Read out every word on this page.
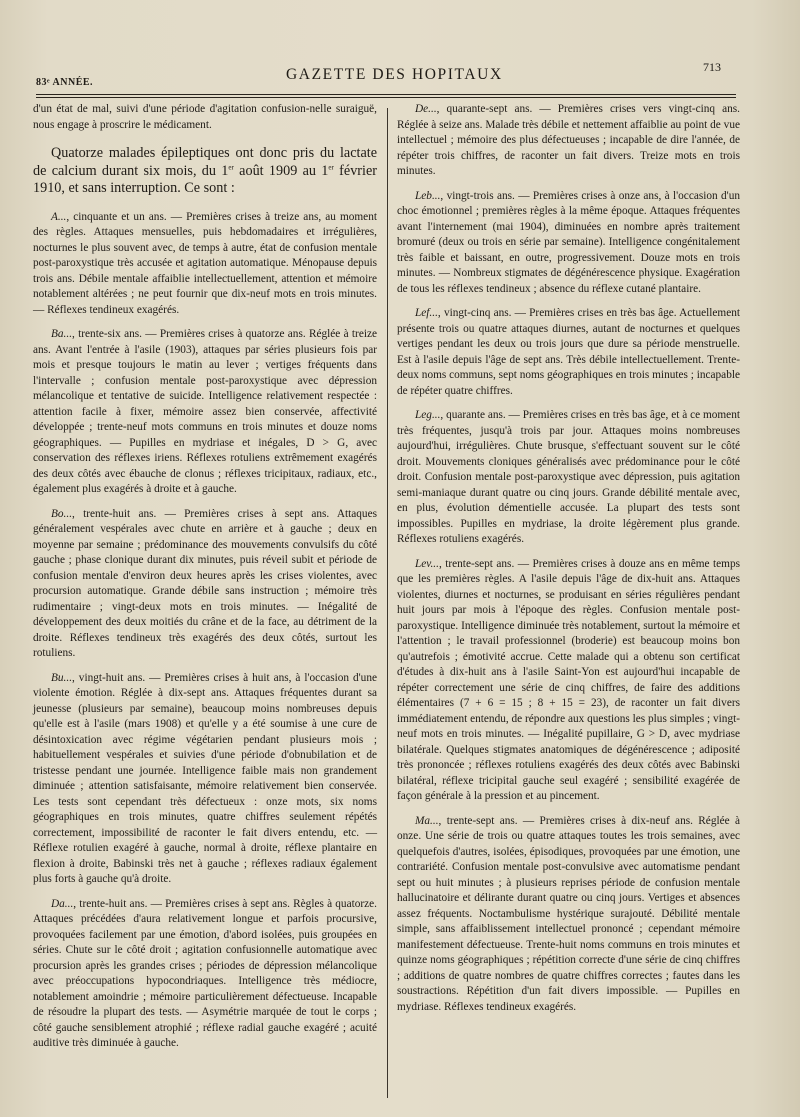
83ᵉ ANNÉE.	GAZETTE DES HOPITAUX	713

d'un état de mal, suivi d'une période d'agitation confusion-nelle suraiguë, nous engage à proscrire le médicament.

Quatorze malades épileptiques ont donc pris du lactate de calcium durant six mois, du 1er août 1909 au 1er février 1910, et sans interruption. Ce sont :

A..., cinquante et un ans. — Premières crises à treize ans, au moment des règles. Attaques mensuelles, puis hebdomadaires et irrégulières, nocturnes le plus souvent avec, de temps à autre, état de confusion mentale post-paroxystique très accusée et agitation automatique. Ménopause depuis trois ans. Débile mentale affaiblie intellectuellement, attention et mémoire notablement altérées ; ne peut fournir que dix-neuf mots en trois minutes. — Réflexes tendineux exagérés.

Ba..., trente-six ans. — Premières crises à quatorze ans. Réglée à treize ans. Avant l'entrée à l'asile (1903), attaques par séries plusieurs fois par mois et presque toujours le matin au lever ; vertiges fréquents dans l'intervalle ; confusion mentale post-paroxystique avec dépression mélancolique et tentative de suicide. Intelligence relativement respectée : attention facile à fixer, mémoire assez bien conservée, affectivité développée ; trente-neuf mots communs en trois minutes et douze noms géographiques. — Pupilles en mydriase et inégales, D > G, avec conservation des réflexes iriens. Réflexes rotuliens extrêmement exagérés des deux côtés avec ébauche de clonus ; réflexes tricipitaux, radiaux, etc., également plus exagérés à droite et à gauche.

Bo..., trente-huit ans. — Premières crises à sept ans. Attaques généralement vespérales avec chute en arrière et à gauche ; deux en moyenne par semaine ; prédominance des mouvements convulsifs du côté gauche ; phase clonique durant dix minutes, puis réveil subit et période de confusion mentale d'environ deux heures après les crises violentes, avec procursion automatique. Grande débile sans instruction ; mémoire très rudimentaire ; vingt-deux mots en trois minutes. — Inégalité de développement des deux moitiés du crâne et de la face, au détriment de la droite. Réflexes tendineux très exagérés des deux côtés, surtout les rotuliens.

Bu..., vingt-huit ans. — Premières crises à huit ans, à l'occasion d'une violente émotion. Réglée à dix-sept ans. Attaques fréquentes durant sa jeunesse (plusieurs par semaine), beaucoup moins nombreuses depuis qu'elle est à l'asile (mars 1908) et qu'elle y a été soumise à une cure de désintoxication avec régime végétarien pendant plusieurs mois ; habituellement vespérales et suivies d'une période d'obnubilation et de tristesse pendant une journée. Intelligence faible mais non grandement diminuée ; attention satisfaisante, mémoire relativement bien conservée. Les tests sont cependant très défectueux : onze mots, six noms géographiques en trois minutes, quatre chiffres seulement répétés correctement, impossibilité de raconter le fait divers entendu, etc. — Réflexe rotulien exagéré à gauche, normal à droite, réflexe plantaire en flexion à droite, Babinski très net à gauche ; réflexes radiaux également plus forts à gauche qu'à droite.

Da..., trente-huit ans. — Premières crises à sept ans. Règles à quatorze. Attaques précédées d'aura relativement longue et parfois procursive, provoquées facilement par une émotion, d'abord isolées, puis groupées en séries. Chute sur le côté droit ; agitation confusionnelle automatique avec procursion après les grandes crises ; périodes de dépression mélancolique avec préoccupations hypocondriaques. Intelligence très médiocre, notablement amoindrie ; mémoire particulièrement défectueuse. Incapable de résoudre la plupart des tests. — Asymétrie marquée de tout le corps ; côté gauche sensiblement atrophié ; réflexe radial gauche exagéré ; acuité auditive très diminuée à gauche.

De..., quarante-sept ans. — Premières crises vers vingt-cinq ans. Réglée à seize ans. Malade très débile et nettement affaiblie au point de vue intellectuel ; mémoire des plus défectueuses ; incapable de dire l'année, de répéter trois chiffres, de raconter un fait divers. Treize mots en trois minutes.

Leb..., vingt-trois ans. — Premières crises à onze ans, à l'occasion d'un choc émotionnel ; premières règles à la même époque. Attaques fréquentes avant l'internement (mai 1904), diminuées en nombre après traitement bromuré (deux ou trois en série par semaine). Intelligence congénitalement très faible et baissant, en outre, progressivement. Douze mots en trois minutes. — Nombreux stigmates de dégénérescence physique. Exagération de tous les réflexes tendineux ; absence du réflexe cutané plantaire.

Lef..., vingt-cinq ans. — Premières crises en très bas âge. Actuellement présente trois ou quatre attaques diurnes, autant de nocturnes et quelques vertiges pendant les deux ou trois jours que dure sa période menstruelle. Est à l'asile depuis l'âge de sept ans. Très débile intellectuellement. Trente-deux noms communs, sept noms géographiques en trois minutes ; incapable de répéter quatre chiffres.

Leg..., quarante ans. — Premières crises en très bas âge, et à ce moment très fréquentes, jusqu'à trois par jour. Attaques moins nombreuses aujourd'hui, irrégulières. Chute brusque, s'effectuant souvent sur le côté droit. Mouvements cloniques généralisés avec prédominance pour le côté droit. Confusion mentale post-paroxystique avec dépression, puis agitation semi-maniaque durant quatre ou cinq jours. Grande débilité mentale avec, en plus, évolution démentielle accusée. La plupart des tests sont impossibles. Pupilles en mydriase, la droite légèrement plus grande. Réflexes rotuliens exagérés.

Lev..., trente-sept ans. — Premières crises à douze ans en même temps que les premières règles. A l'asile depuis l'âge de dix-huit ans. Attaques violentes, diurnes et nocturnes, se produisant en séries régulières pendant huit jours par mois à l'époque des règles. Confusion mentale post-paroxystique. Intelligence diminuée très notablement, surtout la mémoire et l'attention ; le travail professionnel (broderie) est beaucoup moins bon qu'autrefois ; émotivité accrue. Cette malade qui a obtenu son certificat d'études à dix-huit ans à l'asile Saint-Yon est aujourd'hui incapable de répéter correctement une série de cinq chiffres, de faire des additions élémentaires (7 + 6 = 15 ; 8 + 15 = 23), de raconter un fait divers immédiatement entendu, de répondre aux questions les plus simples ; vingt-neuf mots en trois minutes. — Inégalité pupillaire, G > D, avec mydriase bilatérale. Quelques stigmates anatomiques de dégénérescence ; adiposité très prononcée ; réflexes rotuliens exagérés des deux côtés avec Babinski bilatéral, réflexe tricipital gauche seul exagéré ; sensibilité exagérée de façon générale à la pression et au pincement.

Ma..., trente-sept ans. — Premières crises à dix-neuf ans. Réglée à onze. Une série de trois ou quatre attaques toutes les trois semaines, avec quelquefois d'autres, isolées, épisodiques, provoquées par une émotion, une contrariété. Confusion mentale post-convulsive avec automatisme pendant sept ou huit minutes ; à plusieurs reprises période de confusion mentale hallucinatoire et délirante durant quatre ou cinq jours. Vertiges et absences assez fréquents. Noctambulisme hystérique surajouté. Débilité mentale simple, sans affaiblissement intellectuel prononcé ; cependant mémoire manifestement défectueuse. Trente-huit noms communs en trois minutes et quinze noms géographiques ; répétition correcte d'une série de cinq chiffres ; additions de quatre nombres de quatre chiffres correctes ; fautes dans les soustractions. Répétition d'un fait divers impossible. — Pupilles en mydriase. Réflexes tendineux exagérés.
